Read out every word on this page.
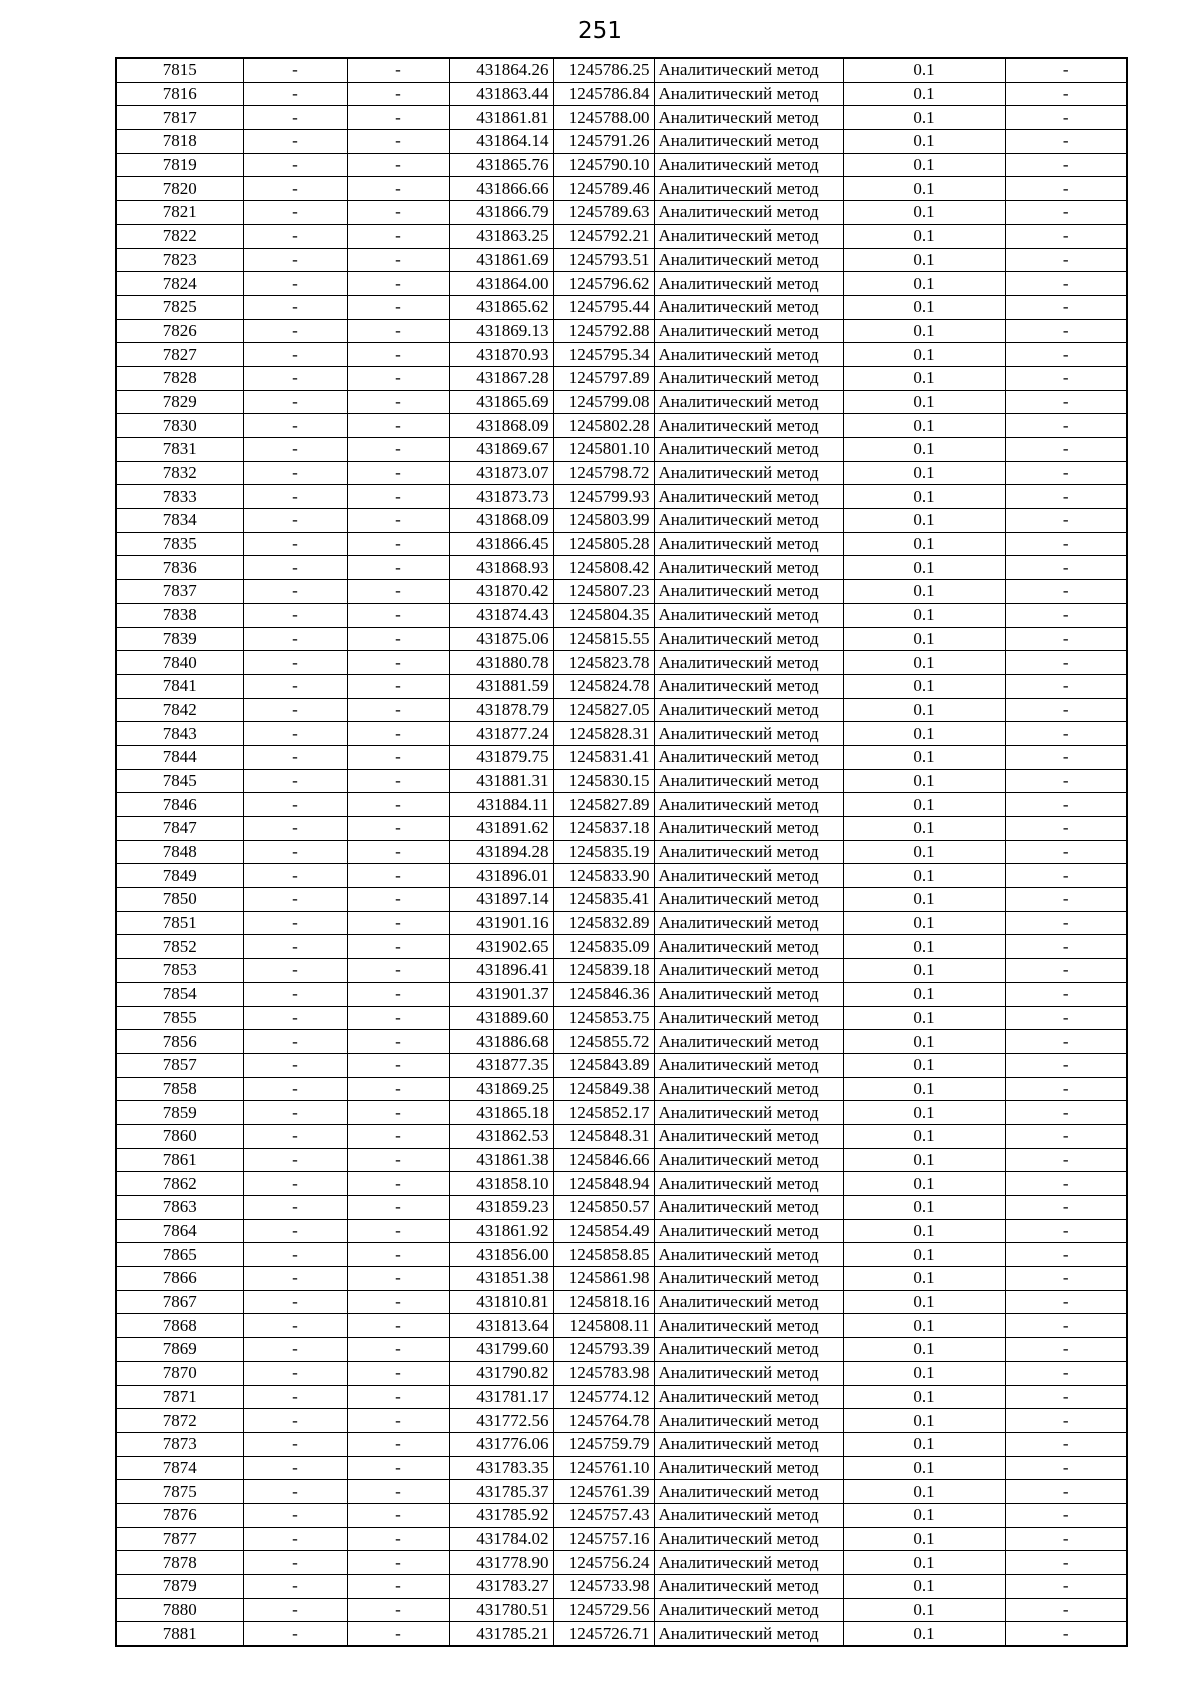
251
7815	-	-	431864.26	1245786.25	Аналитический метод	0.1	-
7816	-	-	431863.44	1245786.84	Аналитический метод	0.1	-
7817	-	-	431861.81	1245788.00	Аналитический метод	0.1	-
7818	-	-	431864.14	1245791.26	Аналитический метод	0.1	-
7819	-	-	431865.76	1245790.10	Аналитический метод	0.1	-
7820	-	-	431866.66	1245789.46	Аналитический метод	0.1	-
7821	-	-	431866.79	1245789.63	Аналитический метод	0.1	-
7822	-	-	431863.25	1245792.21	Аналитический метод	0.1	-
7823	-	-	431861.69	1245793.51	Аналитический метод	0.1	-
7824	-	-	431864.00	1245796.62	Аналитический метод	0.1	-
7825	-	-	431865.62	1245795.44	Аналитический метод	0.1	-
7826	-	-	431869.13	1245792.88	Аналитический метод	0.1	-
7827	-	-	431870.93	1245795.34	Аналитический метод	0.1	-
7828	-	-	431867.28	1245797.89	Аналитический метод	0.1	-
7829	-	-	431865.69	1245799.08	Аналитический метод	0.1	-
7830	-	-	431868.09	1245802.28	Аналитический метод	0.1	-
7831	-	-	431869.67	1245801.10	Аналитический метод	0.1	-
7832	-	-	431873.07	1245798.72	Аналитический метод	0.1	-
7833	-	-	431873.73	1245799.93	Аналитический метод	0.1	-
7834	-	-	431868.09	1245803.99	Аналитический метод	0.1	-
7835	-	-	431866.45	1245805.28	Аналитический метод	0.1	-
7836	-	-	431868.93	1245808.42	Аналитический метод	0.1	-
7837	-	-	431870.42	1245807.23	Аналитический метод	0.1	-
7838	-	-	431874.43	1245804.35	Аналитический метод	0.1	-
7839	-	-	431875.06	1245815.55	Аналитический метод	0.1	-
7840	-	-	431880.78	1245823.78	Аналитический метод	0.1	-
7841	-	-	431881.59	1245824.78	Аналитический метод	0.1	-
7842	-	-	431878.79	1245827.05	Аналитический метод	0.1	-
7843	-	-	431877.24	1245828.31	Аналитический метод	0.1	-
7844	-	-	431879.75	1245831.41	Аналитический метод	0.1	-
7845	-	-	431881.31	1245830.15	Аналитический метод	0.1	-
7846	-	-	431884.11	1245827.89	Аналитический метод	0.1	-
7847	-	-	431891.62	1245837.18	Аналитический метод	0.1	-
7848	-	-	431894.28	1245835.19	Аналитический метод	0.1	-
7849	-	-	431896.01	1245833.90	Аналитический метод	0.1	-
7850	-	-	431897.14	1245835.41	Аналитический метод	0.1	-
7851	-	-	431901.16	1245832.89	Аналитический метод	0.1	-
7852	-	-	431902.65	1245835.09	Аналитический метод	0.1	-
7853	-	-	431896.41	1245839.18	Аналитический метод	0.1	-
7854	-	-	431901.37	1245846.36	Аналитический метод	0.1	-
7855	-	-	431889.60	1245853.75	Аналитический метод	0.1	-
7856	-	-	431886.68	1245855.72	Аналитический метод	0.1	-
7857	-	-	431877.35	1245843.89	Аналитический метод	0.1	-
7858	-	-	431869.25	1245849.38	Аналитический метод	0.1	-
7859	-	-	431865.18	1245852.17	Аналитический метод	0.1	-
7860	-	-	431862.53	1245848.31	Аналитический метод	0.1	-
7861	-	-	431861.38	1245846.66	Аналитический метод	0.1	-
7862	-	-	431858.10	1245848.94	Аналитический метод	0.1	-
7863	-	-	431859.23	1245850.57	Аналитический метод	0.1	-
7864	-	-	431861.92	1245854.49	Аналитический метод	0.1	-
7865	-	-	431856.00	1245858.85	Аналитический метод	0.1	-
7866	-	-	431851.38	1245861.98	Аналитический метод	0.1	-
7867	-	-	431810.81	1245818.16	Аналитический метод	0.1	-
7868	-	-	431813.64	1245808.11	Аналитический метод	0.1	-
7869	-	-	431799.60	1245793.39	Аналитический метод	0.1	-
7870	-	-	431790.82	1245783.98	Аналитический метод	0.1	-
7871	-	-	431781.17	1245774.12	Аналитический метод	0.1	-
7872	-	-	431772.56	1245764.78	Аналитический метод	0.1	-
7873	-	-	431776.06	1245759.79	Аналитический метод	0.1	-
7874	-	-	431783.35	1245761.10	Аналитический метод	0.1	-
7875	-	-	431785.37	1245761.39	Аналитический метод	0.1	-
7876	-	-	431785.92	1245757.43	Аналитический метод	0.1	-
7877	-	-	431784.02	1245757.16	Аналитический метод	0.1	-
7878	-	-	431778.90	1245756.24	Аналитический метод	0.1	-
7879	-	-	431783.27	1245733.98	Аналитический метод	0.1	-
7880	-	-	431780.51	1245729.56	Аналитический метод	0.1	-
7881	-	-	431785.21	1245726.71	Аналитический метод	0.1	-
